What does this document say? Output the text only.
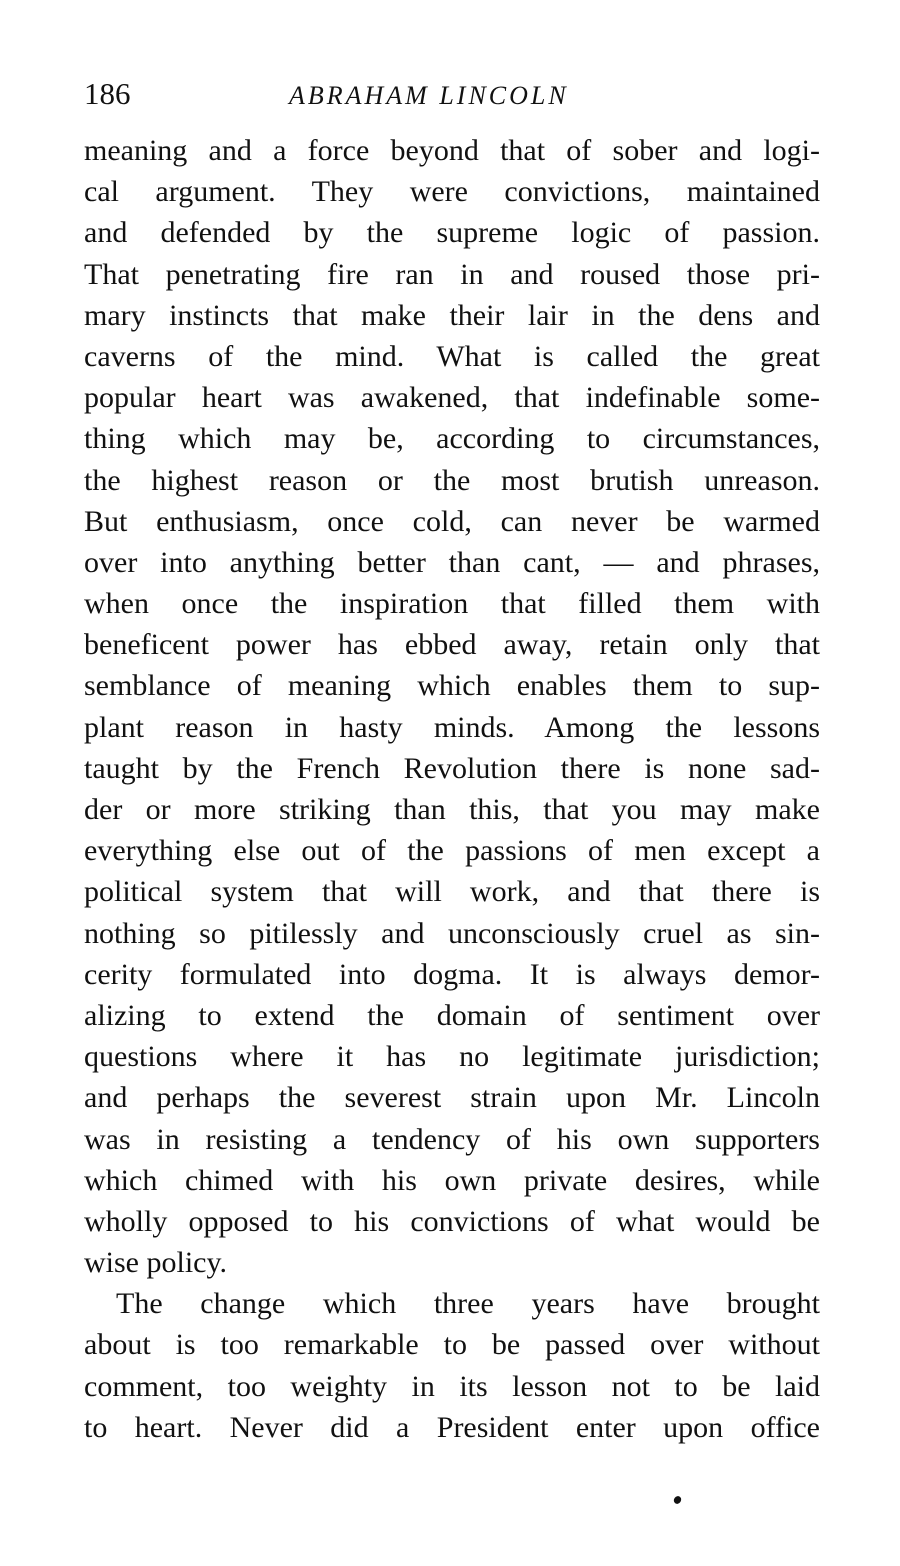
186	ABRAHAM LINCOLN
meaning and a force beyond that of sober and logi-
cal argument. They were convictions, maintained
and defended by the supreme logic of passion.
That penetrating fire ran in and roused those pri-
mary instincts that make their lair in the dens and
caverns of the mind. What is called the great
popular heart was awakened, that indefinable some-
thing which may be, according to circumstances,
the highest reason or the most brutish unreason.
But enthusiasm, once cold, can never be warmed
over into anything better than cant, — and phrases,
when once the inspiration that filled them with
beneficent power has ebbed away, retain only that
semblance of meaning which enables them to sup-
plant reason in hasty minds. Among the lessons
taught by the French Revolution there is none sad-
der or more striking than this, that you may make
everything else out of the passions of men except a
political system that will work, and that there is
nothing so pitilessly and unconsciously cruel as sin-
cerity formulated into dogma. It is always demor-
alizing to extend the domain of sentiment over
questions where it has no legitimate jurisdiction;
and perhaps the severest strain upon Mr. Lincoln
was in resisting a tendency of his own supporters
which chimed with his own private desires, while
wholly opposed to his convictions of what would be
wise policy.
The change which three years have brought
about is too remarkable to be passed over without
comment, too weighty in its lesson not to be laid
to heart. Never did a President enter upon office
